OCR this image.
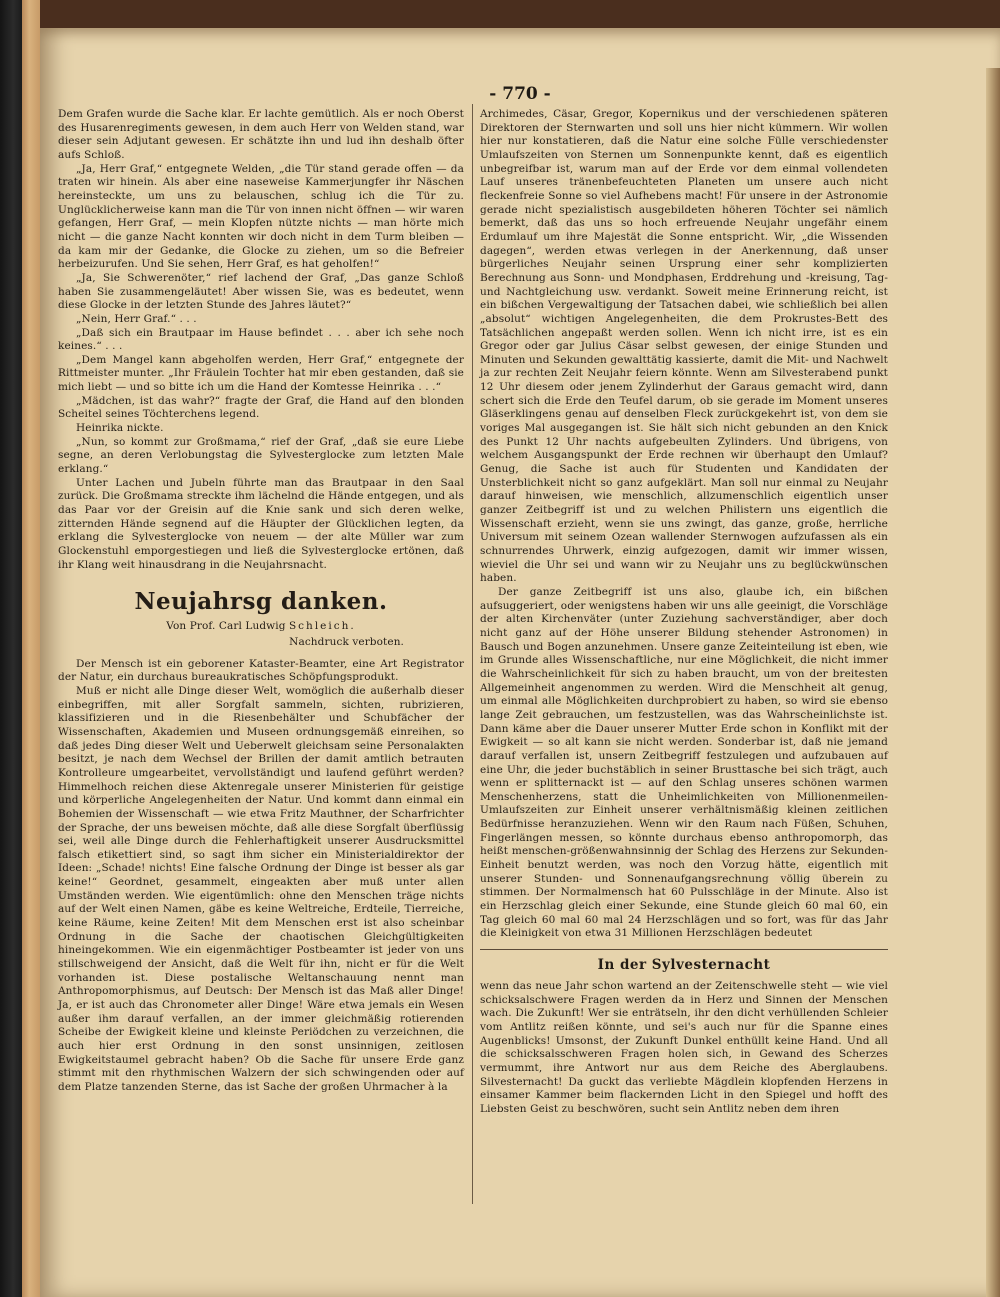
- 770 -

Dem Grafen wurde die Sache klar. Er lachte gemütlich. Als er noch Oberst des Husarenregiments gewesen, in dem auch Herr von Welden stand, war dieser sein Adjutant gewesen. Er schätzte ihn und lud ihn deshalb öfter aufs Schloß.

„Ja, Herr Graf,“ entgegnete Welden, „die Tür stand gerade offen — da traten wir hinein. Als aber eine naseweise Kammerjungfer ihr Näschen hereinsteckte, um uns zu belauschen, schlug ich die Tür zu. Unglücklicherweise kann man die Tür von innen nicht öffnen — wir waren gefangen, Herr Graf, — mein Klopfen nützte nichts — man hörte mich nicht — die ganze Nacht konnten wir doch nicht in dem Turm bleiben — da kam mir der Gedanke, die Glocke zu ziehen, um so die Befreier herbeizurufen. Und Sie sehen, Herr Graf, es hat geholfen!“

„Ja, Sie Schwerenöter,“ rief lachend der Graf, „Das ganze Schloß haben Sie zusammengeläutet! Aber wissen Sie, was es bedeutet, wenn diese Glocke in der letzten Stunde des Jahres läutet?“

„Nein, Herr Graf.“ . . .

„Daß sich ein Brautpaar im Hause befindet . . . aber ich sehe noch keines.“ . . .

„Dem Mangel kann abgeholfen werden, Herr Graf,“ entgegnete der Rittmeister munter. „Ihr Fräulein Tochter hat mir eben gestanden, daß sie mich liebt — und so bitte ich um die Hand der Komtesse Heinrika . . .“

„Mädchen, ist das wahr?“ fragte der Graf, die Hand auf den blonden Scheitel seines Töchterchens legend.

Heinrika nickte.

„Nun, so kommt zur Großmama,“ rief der Graf, „daß sie eure Liebe segne, an deren Verlobungstag die Sylvesterglocke zum letzten Male erklang.“

Unter Lachen und Jubeln führte man das Brautpaar in den Saal zurück. Die Großmama streckte ihm lächelnd die Hände entgegen, und als das Paar vor der Greisin auf die Knie sank und sich deren welke, zitternden Hände segnend auf die Häupter der Glücklichen legten, da erklang die Sylvesterglocke von neuem — der alte Müller war zum Glockenstuhl emporgestiegen und ließ die Sylvesterglocke ertönen, daß ihr Klang weit hinausdrang in die Neujahrsnacht.

Neujahrsg danken.
Von Prof. Carl Ludwig Schleich.
Nachdruck verboten.

Der Mensch ist ein geborener Kataster-Beamter, eine Art Registrator der Natur, ein durchaus bureaukratisches Schöpfungsprodukt.

Muß er nicht alle Dinge dieser Welt, womöglich die außerhalb dieser einbegriffen, mit aller Sorgfalt sammeln, sichten, rubrizieren, klassifizieren und in die Riesenbehälter und Schubfächer der Wissenschaften, Akademien und Museen ordnungsgemäß einreihen, so daß jedes Ding dieser Welt und Ueberwelt gleichsam seine Personalakten besitzt, je nach dem Wechsel der Brillen der damit amtlich betrauten Kontrolleure umgearbeitet, vervollständigt und laufend geführt werden? Himmelhoch reichen diese Aktenregale unserer Ministerien für geistige und körperliche Angelegenheiten der Natur. Und kommt dann einmal ein Bohemien der Wissenschaft — wie etwa Fritz Mauthner, der Scharfrichter der Sprache, der uns beweisen möchte, daß alle diese Sorgfalt überflüssig sei, weil alle Dinge durch die Fehlerhaftigkeit unserer Ausdrucksmittel falsch etikettiert sind, so sagt ihm sicher ein Ministerialdirektor der Ideen: „Schade! nichts! Eine falsche Ordnung der Dinge ist besser als gar keine!“ Geordnet, gesammelt, eingeakten aber muß unter allen Umständen werden. Wie eigentümlich: ohne den Menschen träge nichts auf der Welt einen Namen, gäbe es keine Weltreiche, Erdteile, Tierreiche, keine Räume, keine Zeiten! Mit dem Menschen erst ist also scheinbar Ordnung in die Sache der chaotischen Gleichgültigkeiten hineingekommen. Wie ein eigenmächtiger Postbeamter ist jeder von uns stillschweigend der Ansicht, daß die Welt für ihn, nicht er für die Welt vorhanden ist. Diese postalische Weltanschauung nennt man Anthropomorphismus, auf Deutsch: Der Mensch ist das Maß aller Dinge! Ja, er ist auch das Chronometer aller Dinge! Wäre etwa jemals ein Wesen außer ihm darauf verfallen, an der immer gleichmäßig rotierenden Scheibe der Ewigkeit kleine und kleinste Periödchen zu verzeichnen, die auch hier erst Ordnung in den sonst unsinnigen, zeitlosen Ewigkeitstaumel gebracht haben? Ob die Sache für unsere Erde ganz stimmt mit den rhythmischen Walzern der sich schwingenden oder auf dem Platze tanzenden Sterne, das ist Sache der großen Uhrmacher à la

Archimedes, Cäsar, Gregor, Kopernikus und der verschiedenen späteren Direktoren der Sternwarten und soll uns hier nicht kümmern. Wir wollen hier nur konstatieren, daß die Natur eine solche Fülle verschiedenster Umlaufszeiten von Sternen um Sonnenpunkte kennt, daß es eigentlich unbegreifbar ist, warum man auf der Erde vor dem einmal vollendeten Lauf unseres tränenbefeuchteten Planeten um unsere auch nicht fleckenfreie Sonne so viel Aufhebens macht! Für unsere in der Astronomie gerade nicht spezialistisch ausgebildeten höheren Töchter sei nämlich bemerkt, daß das uns so hoch erfreuende Neujahr ungefähr einem Erdumlauf um ihre Majestät die Sonne entspricht. Wir, „die Wissenden dagegen“, werden etwas verlegen in der Anerkennung, daß unser bürgerliches Neujahr seinen Ursprung einer sehr komplizierten Berechnung aus Sonn- und Mondphasen, Erddrehung und -kreisung, Tag- und Nachtgleichung usw. verdankt. Soweit meine Erinnerung reicht, ist ein bißchen Vergewaltigung der Tatsachen dabei, wie schließlich bei allen „absolut“ wichtigen Angelegenheiten, die dem Prokrustes-Bett des Tatsächlichen angepaßt werden sollen. Wenn ich nicht irre, ist es ein Gregor oder gar Julius Cäsar selbst gewesen, der einige Stunden und Minuten und Sekunden gewalttätig kassierte, damit die Mit- und Nachwelt ja zur rechten Zeit Neujahr feiern könnte. Wenn am Silvesterabend punkt 12 Uhr diesem oder jenem Zylinderhut der Garaus gemacht wird, dann schert sich die Erde den Teufel darum, ob sie gerade im Moment unseres Gläserklingens genau auf denselben Fleck zurückgekehrt ist, von dem sie voriges Mal ausgegangen ist. Sie hält sich nicht gebunden an den Knick des Punkt 12 Uhr nachts aufgebeulten Zylinders. Und übrigens, von welchem Ausgangspunkt der Erde rechnen wir überhaupt den Umlauf? Genug, die Sache ist auch für Studenten und Kandidaten der Unsterblichkeit nicht so ganz aufgeklärt. Man soll nur einmal zu Neujahr darauf hinweisen, wie menschlich, allzumenschlich eigentlich unser ganzer Zeitbegriff ist und zu welchen Philistern uns eigentlich die Wissenschaft erzieht, wenn sie uns zwingt, das ganze, große, herrliche Universum mit seinem Ozean wallender Sternwogen aufzufassen als ein schnurrendes Uhrwerk, einzig aufgezogen, damit wir immer wissen, wieviel die Uhr sei und wann wir zu Neujahr uns zu beglückwünschen haben.

Der ganze Zeitbegriff ist uns also, glaube ich, ein bißchen aufsuggeriert, oder wenigstens haben wir uns alle geeinigt, die Vorschläge der alten Kirchenväter (unter Zuziehung sachverständiger, aber doch nicht ganz auf der Höhe unserer Bildung stehender Astronomen) in Bausch und Bogen anzunehmen. Unsere ganze Zeiteinteilung ist eben, wie im Grunde alles Wissenschaftliche, nur eine Möglichkeit, die nicht immer die Wahrscheinlichkeit für sich zu haben braucht, um von der breitesten Allgemeinheit angenommen zu werden. Wird die Menschheit alt genug, um einmal alle Möglichkeiten durchprobiert zu haben, so wird sie ebenso lange Zeit gebrauchen, um festzustellen, was das Wahrscheinlichste ist. Dann käme aber die Dauer unserer Mutter Erde schon in Konflikt mit der Ewigkeit — so alt kann sie nicht werden. Sonderbar ist, daß nie jemand darauf verfallen ist, unsern Zeitbegriff festzulegen und aufzubauen auf eine Uhr, die jeder buchstäblich in seiner Brusttasche bei sich trägt, auch wenn er splitternackt ist — auf den Schlag unseres schönen warmen Menschenherzens, statt die Unheimlichkeiten von Millionenmeilen-Umlaufszeiten zur Einheit unserer verhältnismäßig kleinen zeitlichen Bedürfnisse heranzuziehen. Wenn wir den Raum nach Füßen, Schuhen, Fingerlängen messen, so könnte durchaus ebenso anthropomorph, das heißt menschen-größenwahnsinnig der Schlag des Herzens zur Sekunden-Einheit benutzt werden, was noch den Vorzug hätte, eigentlich mit unserer Stunden- und Sonnenaufgangsrechnung völlig überein zu stimmen. Der Normalmensch hat 60 Pulsschläge in der Minute. Also ist ein Herzschlag gleich einer Sekunde, eine Stunde gleich 60 mal 60, ein Tag gleich 60 mal 60 mal 24 Herzschlägen und so fort, was für das Jahr die Kleinigkeit von etwa 31 Millionen Herzschlägen bedeutet

In der Sylvesternacht

wenn das neue Jahr schon wartend an der Zeitenschwelle steht — wie viel schicksalschwere Fragen werden da in Herz und Sinnen der Menschen wach. Die Zukunft! Wer sie enträtseln, ihr den dicht verhüllenden Schleier vom Antlitz reißen könnte, und sei's auch nur für die Spanne eines Augenblicks! Umsonst, der Zukunft Dunkel enthüllt keine Hand. Und all die schicksalsschweren Fragen holen sich, in Gewand des Scherzes vermummt, ihre Antwort nur aus dem Reiche des Aberglaubens. Silvesternacht! Da guckt das verliebte Mägdlein klopfenden Herzens in einsamer Kammer beim flackernden Licht in den Spiegel und hofft des Liebsten Geist zu beschwören, sucht sein Antlitz neben dem ihren
